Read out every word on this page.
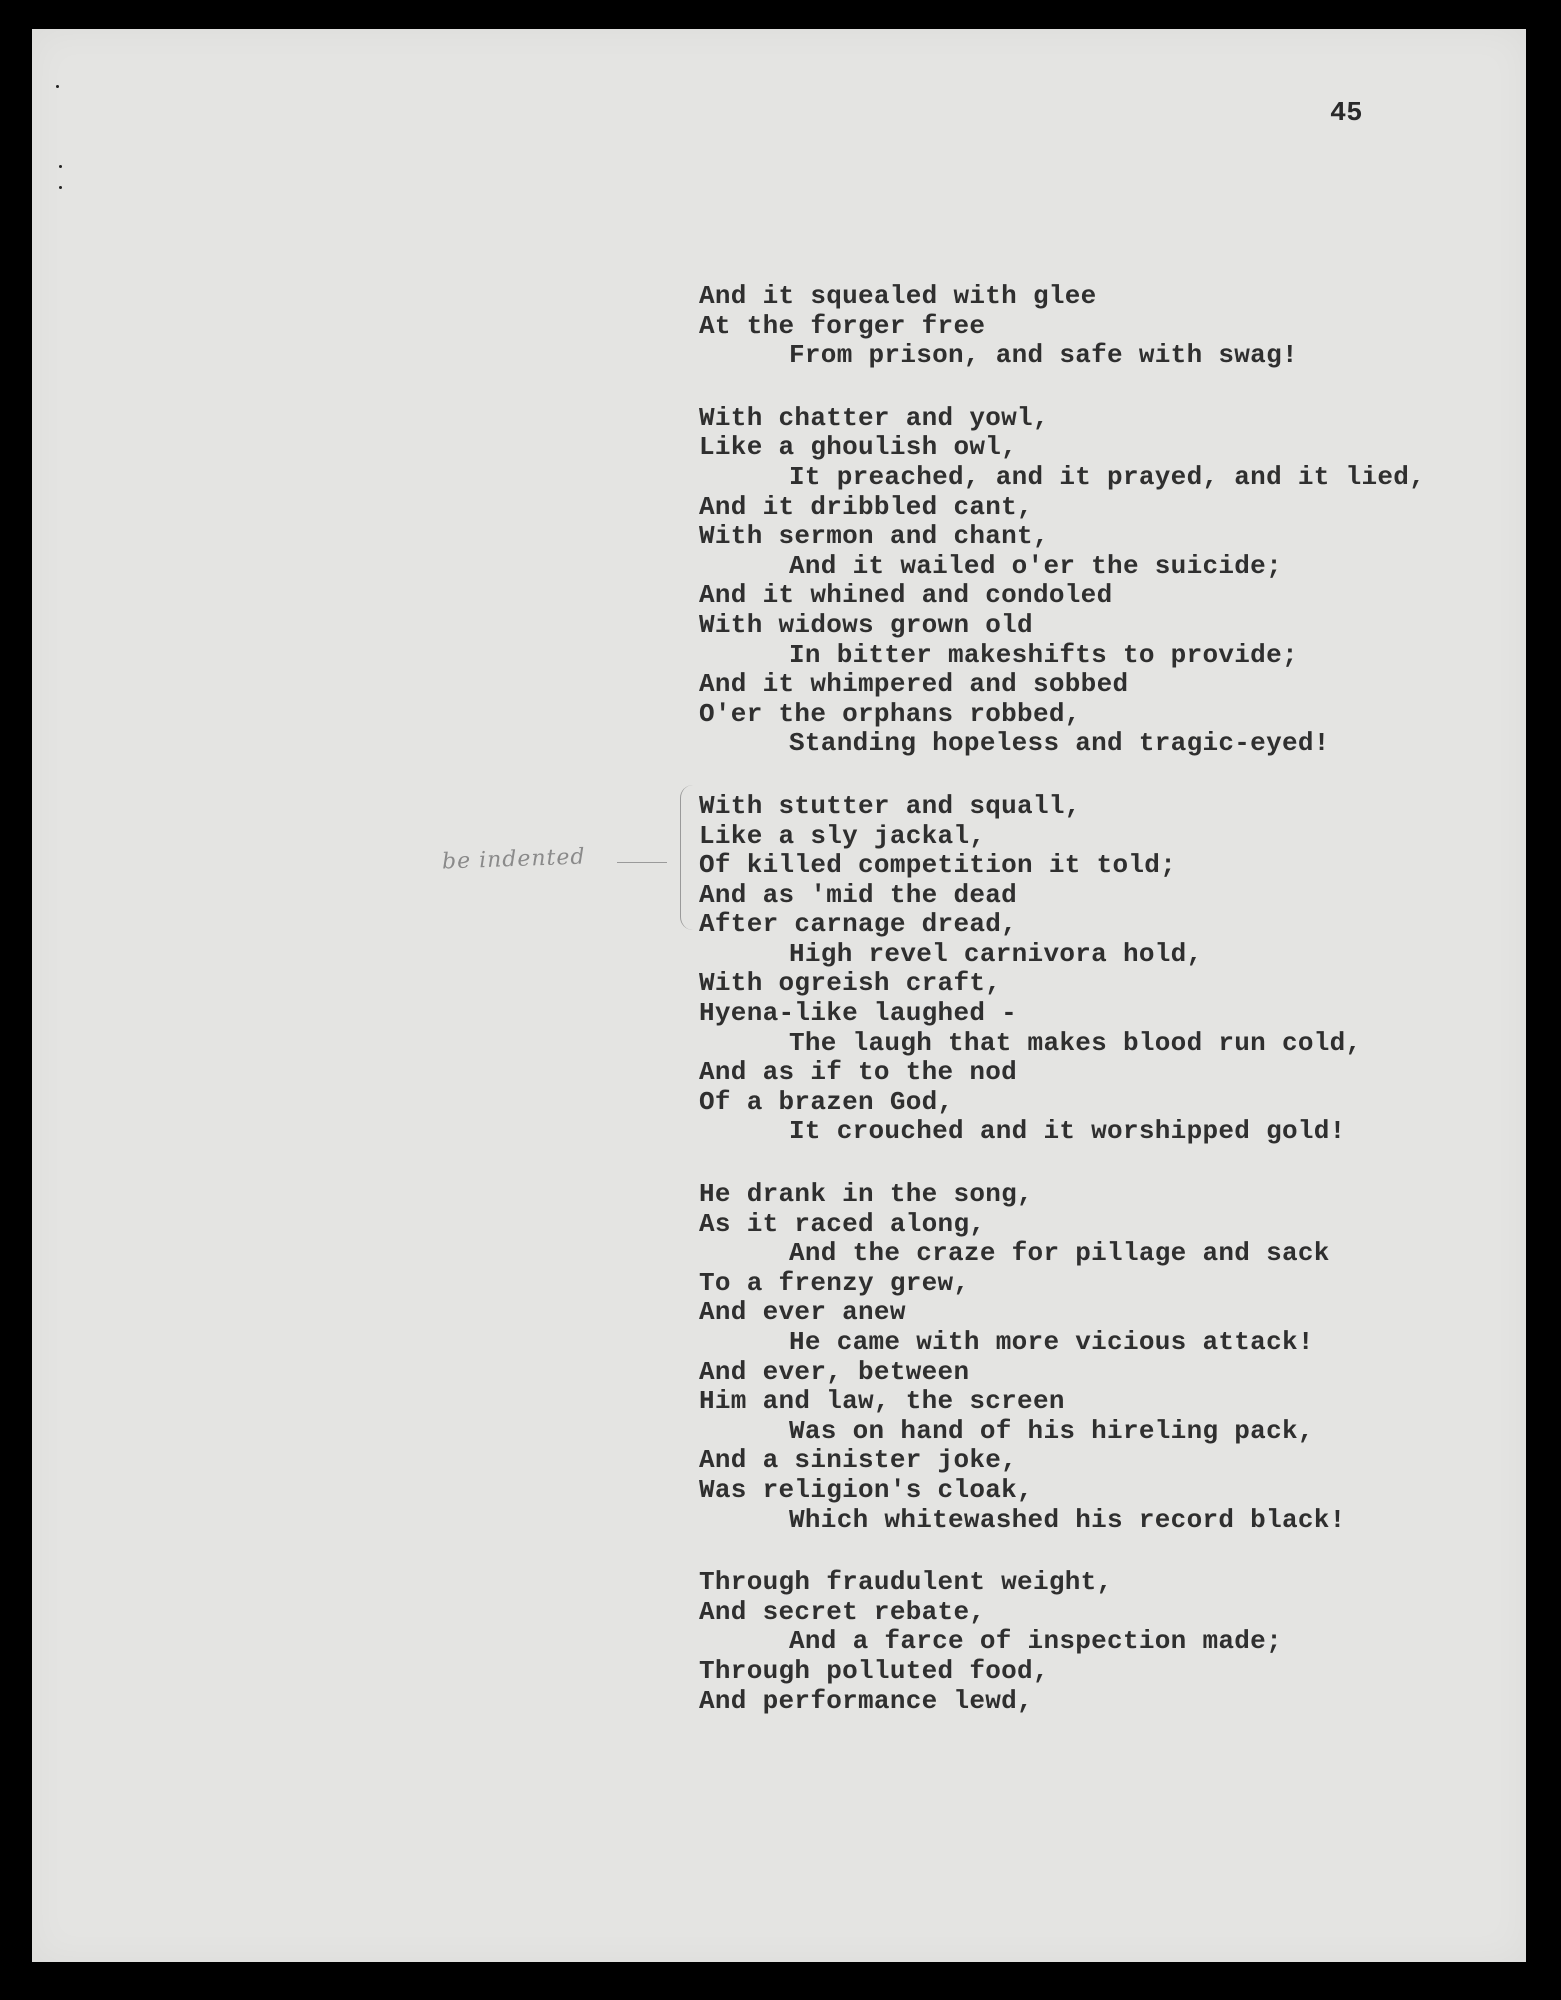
45
be indented
And it squealed with glee
At the forger free
From prison, and safe with swag!
With chatter and yowl,
Like a ghoulish owl,
It preached, and it prayed, and it lied,
And it dribbled cant,
With sermon and chant,
And it wailed o'er the suicide;
And it whined and condoled
With widows grown old
In bitter makeshifts to provide;
And it whimpered and sobbed
O'er the orphans robbed,
Standing hopeless and tragic-eyed!
With stutter and squall,
Like a sly jackal,
Of killed competition it told;
And as 'mid the dead
After carnage dread,
High revel carnivora hold,
With ogreish craft,
Hyena-like laughed -
The laugh that makes blood run cold,
And as if to the nod
Of a brazen God,
It crouched and it worshipped gold!
He drank in the song,
As it raced along,
And the craze for pillage and sack
To a frenzy grew,
And ever anew
He came with more vicious attack!
And ever, between
Him and law, the screen
Was on hand of his hireling pack,
And a sinister joke,
Was religion's cloak,
Which whitewashed his record black!
Through fraudulent weight,
And secret rebate,
And a farce of inspection made;
Through polluted food,
And performance lewd,
